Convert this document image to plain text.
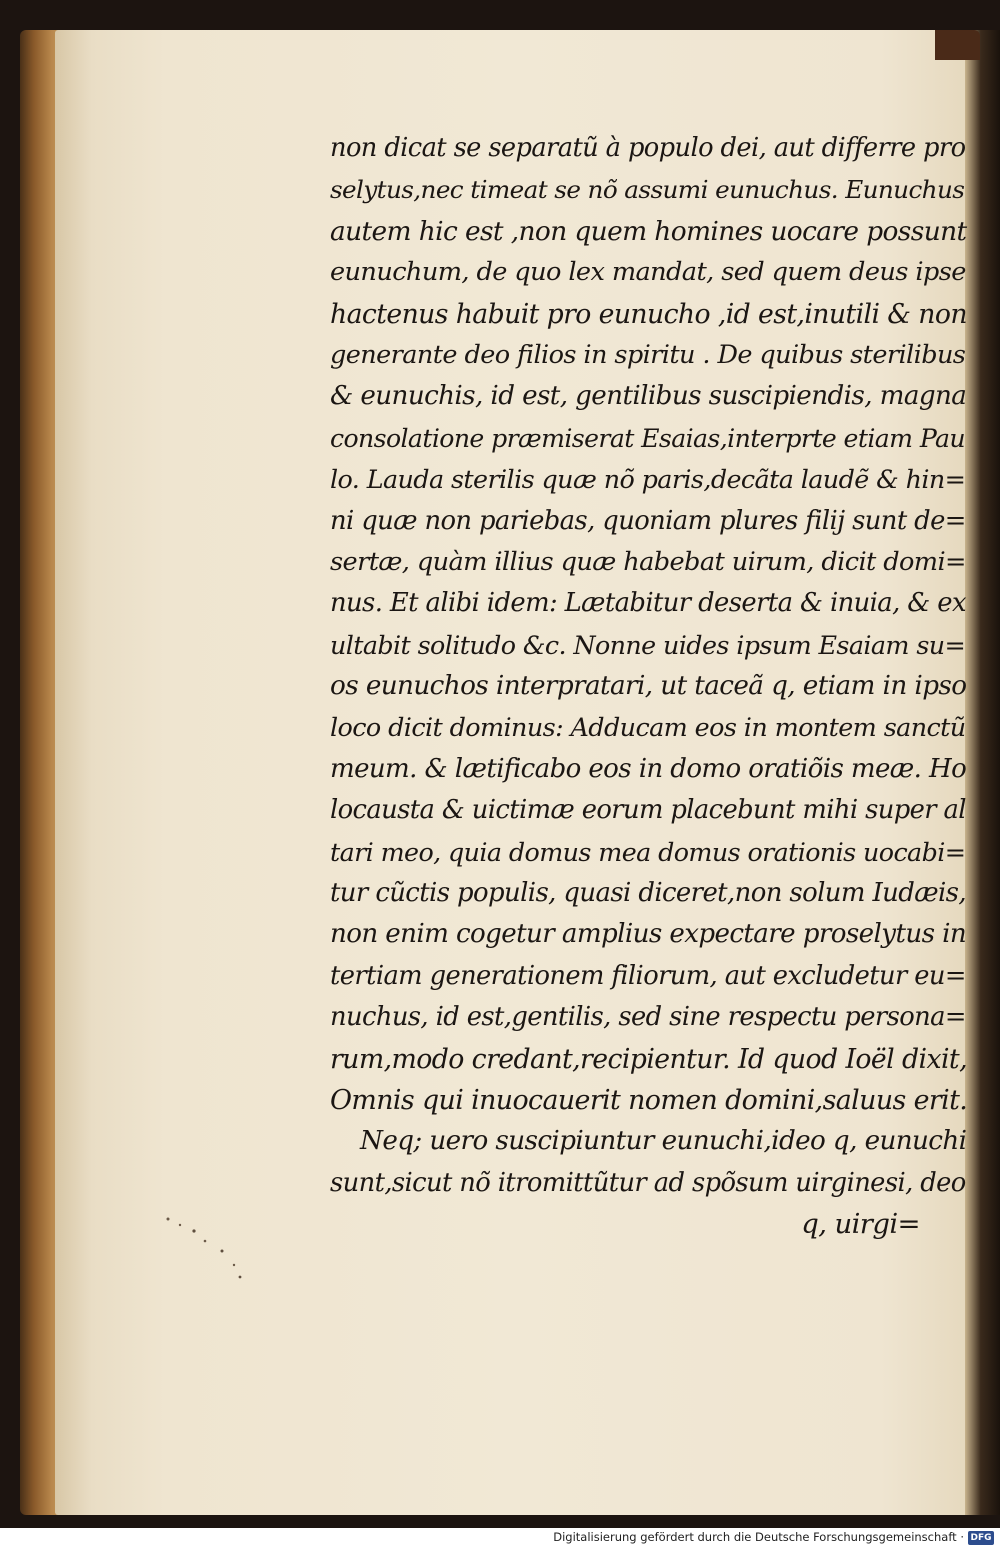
non dicat se separatũ à populo dei, aut differre pro
selytus,nec timeat se nõ assumi eunuchus. Eunuchus
autem hic est ,non quem homines uocare possunt
eunuchum, de quo lex mandat, sed quem deus ipse
hactenus habuit pro eunucho ,id est,inutili & non
generante deo filios in spiritu . De quibus sterilibus
& eunuchis, id est, gentilibus suscipiendis, magna
consolatione præmiserat Esaias,interprte etiam Pau
lo. Lauda sterilis quæ nõ paris,decãta laudẽ & hin=
ni quæ non pariebas, quoniam plures filij sunt de=
sertæ, quàm illius quæ habebat uirum, dicit domi=
nus. Et alibi idem: Lætabitur deserta & inuia, & ex
ultabit solitudo &c. Nonne uides ipsum Esaiam su=
os eunuchos interpratari, ut taceã q, etiam in ipso
loco dicit dominus: Adducam eos in montem sanctũ
meum. & lætificabo eos in domo oratiõis meæ. Ho
locausta & uictimæ eorum placebunt mihi super al
tari meo, quia domus mea domus orationis uocabi=
tur cũctis populis, quasi diceret,non solum Iudæis,
non enim cogetur amplius expectare proselytus in
tertiam generationem filiorum, aut excludetur eu=
nuchus, id est,gentilis, sed sine respectu persona=
rum,modo credant,recipientur. Id quod Ioël dixit,
Omnis qui inuocauerit nomen domini,saluus erit.
Neq; uero suscipiuntur eunuchi,ideo q, eunuchi
sunt,sicut nõ itromittũtur ad spõsum uirginesi, deo
q, uirgi=
Digitalisierung gefördert durch die Deutsche Forschungsgemeinschaft · DFG
